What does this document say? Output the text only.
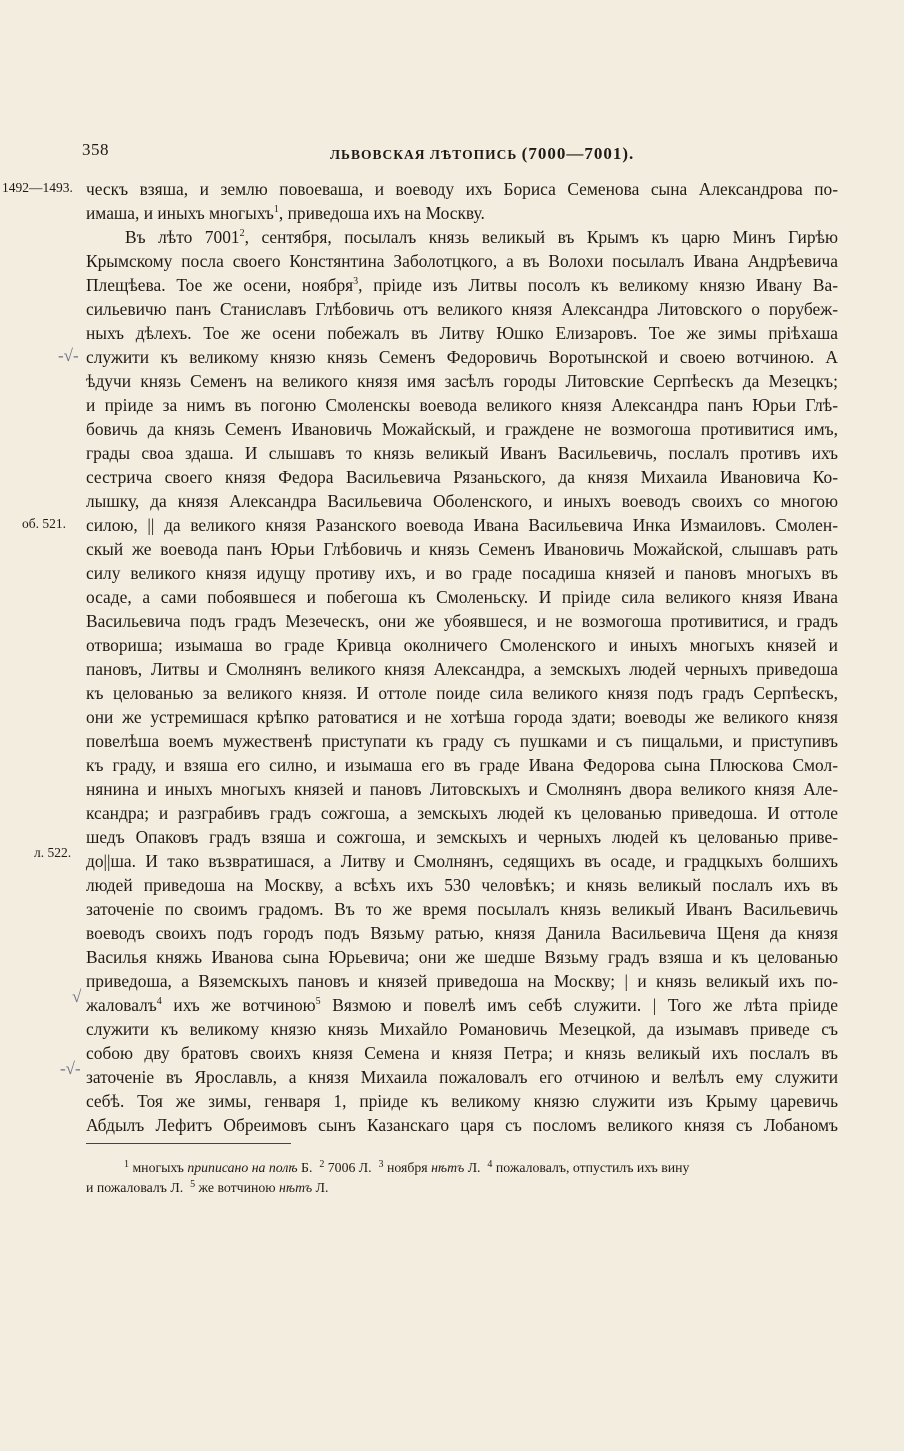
358	ЛЬВОВСКАЯ ЛѢТОПИСЬ (7000—7001).
1492—1493.
об. 521.
л. 522.
-√-
√
-√-
ческъ взяша, и землю повоеваша, и воеводу ихъ Бориса Семенова сына Александрова по-
имаша, и иныхъ многыхъ$^1$, приведоша ихъ на Москву.
Въ лѣто 7001$^2$, сентября, посылалъ князь великый въ Крымъ къ царю Минъ Гирѣю
Крымскому посла своего Констянтина Заболотцкого, а въ Волохи посылалъ Ивана Андрѣевича
Плещѣева. Тое же осени, ноября$^3$, прiиде изъ Литвы посолъ къ великому князю Ивану Ва-
сильевичю панъ Станиславъ Глѣбовичь отъ великого князя Александра Литовского о порубеж-
ныхъ дѣлехъ. Тое же осени побежалъ въ Литву Юшко Елизаровъ. Тое же зимы прiѣхаша
служити къ великому князю князь Семенъ Федоровичь Воротынской и своею вотчиною. А
ѣдучи князь Семенъ на великого князя имя засѣлъ городы Литовские Серпѣескъ да Мезецкъ;
и прiиде за нимъ въ погоню Смоленскы воевода великого князя Александра панъ Юрьи Глѣ-
бовичь да князь Семенъ Ивановичь Можайскый, и гражденe не возмогоша противитися имъ,
грады своа здаша. И слышавъ то князь великый Иванъ Васильевичь, послалъ противъ ихъ
сестрича своего князя Федора Васильевича Рязаньского, да князя Михаила Ивановича Ко-
лышку, да князя Александра Васильевича Оболенского, и иныхъ воеводъ своихъ со многою
силою, || да великого князя Разанского воевода Ивана Васильевича Инка Измаиловъ. Смолен-
скый же воевода панъ Юрьи Глѣбовичь и князь Семенъ Ивановичь Можайской, слышавъ рать
силу великого князя идущу противу ихъ, и во граде посадиша князей и пановъ многыхъ въ
осаде, а сами побоявшеся и побегоша къ Смоленьску. И прiиде сила великого князя Ивана
Васильевича подъ градъ Мезеческъ, они же убоявшеся, и не возмогоша противитися, и градъ
отвориша; изымаша во граде Кривца околничего Смоленского и иныхъ многыхъ князей и
пановъ, Литвы и Смолнянъ великого князя Александра, а земскыхъ людей черныхъ приведоша
къ целованью за великого князя. И оттоле поиде сила великого князя подъ градъ Серпѣескъ,
они же устремишася крѣпко ратоватися и не хотѣша города здати; воеводы же великого князя
повелѣша воемъ мужественѣ приступати къ граду съ пушками и съ пищальми, и приступивъ
къ граду, и взяша его силно, и изымаша его въ граде Ивана Федорова сына Плюскова Смол-
нянина и иныхъ многыхъ князей и пановъ Литовскыхъ и Смолнянъ двора великого князя Але-
ксандра; и разграбивъ градъ сожгоша, а земскыхъ людей къ целованью приведоша. И оттоле
шедъ Опаковъ градъ взяша и сожгоша, и земскыхъ и черныхъ людей къ целованью приве-
до||ша. И тако възвратишася, а Литву и Смолнянъ, седящихъ въ осаде, и градцкыхъ болшихъ
людей приведоша на Москву, а всѣхъ ихъ 530 человѣкъ; и князь великый послалъ ихъ въ
заточенiе по своимъ градомъ. Въ то же время посылалъ князь великый Иванъ Васильевичь
воеводъ своихъ подъ городъ подъ Вязьму ратью, князя Данила Васильевича Щеня да князя
Василья княжь Иванова сына Юрьевича; они же шедше Вязьму градъ взяша и къ целованью
приведоша, а Вяземскыхъ пановъ и князей приведоша на Москву; | и князь великый ихъ по-
жаловалъ$^4$ ихъ же вотчиною$^5$ Вязмою и повелѣ имъ себѣ служити. | Того же лѣта прiиде
служити къ великому князю князь Михайло Романовичь Мезецкой, да изымавъ приведе съ
собою дву братовъ своихъ князя Семена и князя Петра; и князь великый ихъ послалъ въ
заточенiе въ Ярославль, а князя Михаила пожаловалъ его отчиною и велѣлъ ему служити
себѣ. Тоя же зимы, генваря 1, прiиде къ великому князю служити изъ Крыму царевичь
Абдылъ Лефитъ Обреимовъ сынъ Казанскаго царя съ посломъ великого князя съ Лобаномъ
$^1$ многыхъ приписано на полѣ Б. $^2$ 7006 Л. $^3$ ноября нѣтъ Л. $^4$ пожаловалъ, отпустилъ ихъ вину
и пожаловалъ Л. $^5$ же вотчиною нѣтъ Л.
